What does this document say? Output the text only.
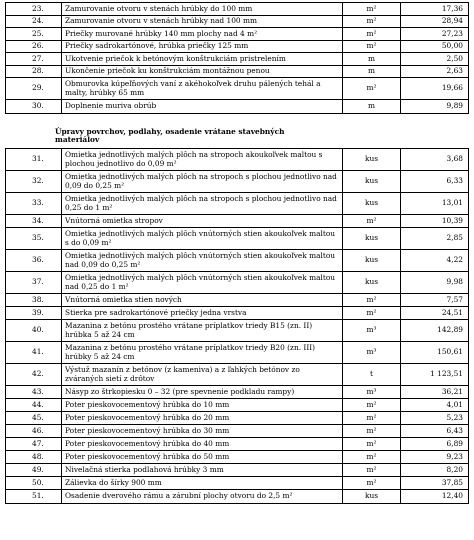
23.	Zamurovanie otvoru v stenách hrúbky do 100 mm	m²	17,36
24.	Zamurovanie otvoru v stenách hrúbky nad 100 mm	m²	28,94
25.	Priečky murované hrúbky 140 mm plochy nad 4 m²	m²	27,23
26.	Priečky sadrokartónové, hrúbka priečky 125 mm	m²	50,00
27.	Ukotvenie priečok k betónovým konštrukciám pristrelením	m	2,50
28.	Ukončenie priečok ku konštrukciám montážnou penou	m	2,63
29.	Obmurovka kúpeľňových vaní z akéhokoľvek druhu pálených tehál a malty, hrúbky 65 mm	m²	19,66
30.	Doplnenie muriva obrúb	m	9,89
Úpravy povrchov, podlahy, osadenie vrátane stavebných materiálov
31.	Omietka jednotlivých malých plôch na stropoch akoukoľvek maltou s plochou jednotlivo do 0,09 m²	kus	3,68
32.	Omietka jednotlivých malých plôch na stropoch s plochou jednotlivo nad 0,09 do 0,25 m²	kus	6,33
33.	Omietka jednotlivých malých plôch na stropoch s plochou jednotlivo nad 0,25 do 1 m²	kus	13,01
34.	Vnútorná omietka stropov	m²	10,39
35.	Omietka jednotlivých malých plôch vnútorných stien akoukoľvek maltou s do 0,09 m²	kus	2,85
36.	Omietka jednotlivých malých plôch vnútorných stien akoukoľvek maltou nad 0,09 do 0,25 m²	kus	4,22
37.	Omietka jednotlivých malých plôch vnútorných stien akoukoľvek maltou nad 0,25 do 1 m²	kus	9,98
38.	Vnútorná omietka stien nových	m²	7,57
39.	Stierka pre sadrokartónové priečky jedna vrstva	m²	24,51
40.	Mazanina z betónu prostého vrátane príplatkov triedy B15 (zn. II) hrúbka 5 až 24 cm	m³	142,89
41.	Mazanina z betónu prostého vrátane príplatkov triedy B20 (zn. III) hrúbky 5 až 24 cm	m³	150,61
42.	Výstuž mazanín z betónov (z kameniva) a z ľahkých betónov zo zváraných sietí z drôtov	t	1 123,51
43.	Násyp zo štrkopiesku 0 – 32 (pre spevnenie podkladu rampy)	m³	36,21
44.	Poter pieskovocementový hrúbka do 10 mm	m²	4,01
45.	Poter pieskovocementový hrúbka do 20 mm	m²	5,23
46.	Poter pieskovocementový hrúbka do 30 mm	m²	6,43
47.	Poter pieskovocementový hrúbka do 40 mm	m²	6,89
48.	Poter pieskovocementový hrúbka do 50 mm	m²	9,23
49.	Nivelačná stierka podlahová hrúbky 3 mm	m²	8,20
50.	Zálievka do šírky 900 mm	m²	37,85
51.	Osadenie dverového rámu a zárubní plochy otvoru do 2,5 m²	kus	12,40
